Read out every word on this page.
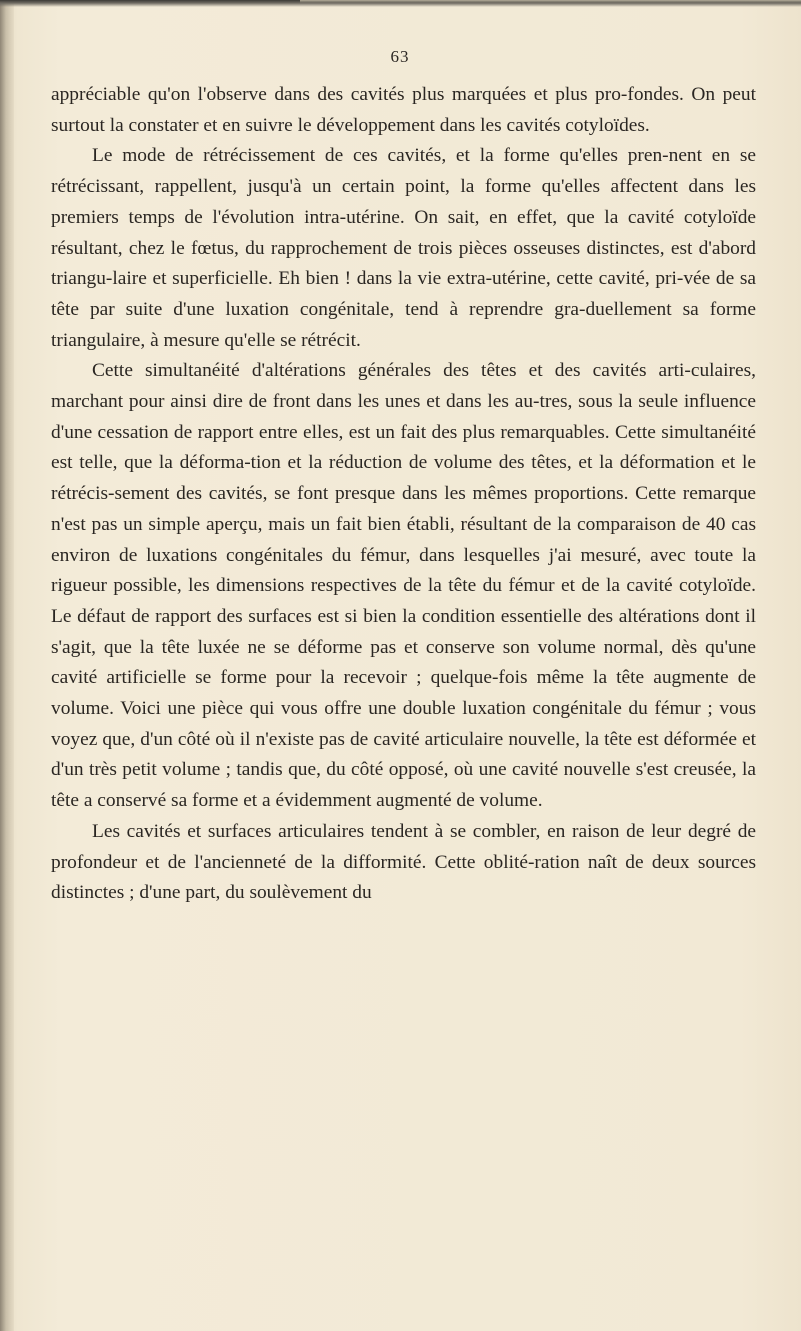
63

appréciable qu'on l'observe dans des cavités plus marquées et plus pro-fondes. On peut surtout la constater et en suivre le développement dans les cavités cotyloïdes.

Le mode de rétrécissement de ces cavités, et la forme qu'elles pren-nent en se rétrécissant, rappellent, jusqu'à un certain point, la forme qu'elles affectent dans les premiers temps de l'évolution intra-utérine. On sait, en effet, que la cavité cotyloïde résultant, chez le fœtus, du rapprochement de trois pièces osseuses distinctes, est d'abord triangu-laire et superficielle. Eh bien ! dans la vie extra-utérine, cette cavité, pri-vée de sa tête par suite d'une luxation congénitale, tend à reprendre gra-duellement sa forme triangulaire, à mesure qu'elle se rétrécit.

Cette simultanéité d'altérations générales des têtes et des cavités arti-culaires, marchant pour ainsi dire de front dans les unes et dans les au-tres, sous la seule influence d'une cessation de rapport entre elles, est un fait des plus remarquables. Cette simultanéité est telle, que la déforma-tion et la réduction de volume des têtes, et la déformation et le rétrécis-sement des cavités, se font presque dans les mêmes proportions. Cette remarque n'est pas un simple aperçu, mais un fait bien établi, résultant de la comparaison de 40 cas environ de luxations congénitales du fémur, dans lesquelles j'ai mesuré, avec toute la rigueur possible, les dimensions respectives de la tête du fémur et de la cavité cotyloïde. Le défaut de rapport des surfaces est si bien la condition essentielle des altérations dont il s'agit, que la tête luxée ne se déforme pas et conserve son volume normal, dès qu'une cavité artificielle se forme pour la recevoir ; quelque-fois même la tête augmente de volume. Voici une pièce qui vous offre une double luxation congénitale du fémur ; vous voyez que, d'un côté où il n'existe pas de cavité articulaire nouvelle, la tête est déformée et d'un très petit volume ; tandis que, du côté opposé, où une cavité nouvelle s'est creusée, la tête a conservé sa forme et a évidemment augmenté de volume.

Les cavités et surfaces articulaires tendent à se combler, en raison de leur degré de profondeur et de l'ancienneté de la difformité. Cette oblité-ration naît de deux sources distinctes ; d'une part, du soulèvement du
